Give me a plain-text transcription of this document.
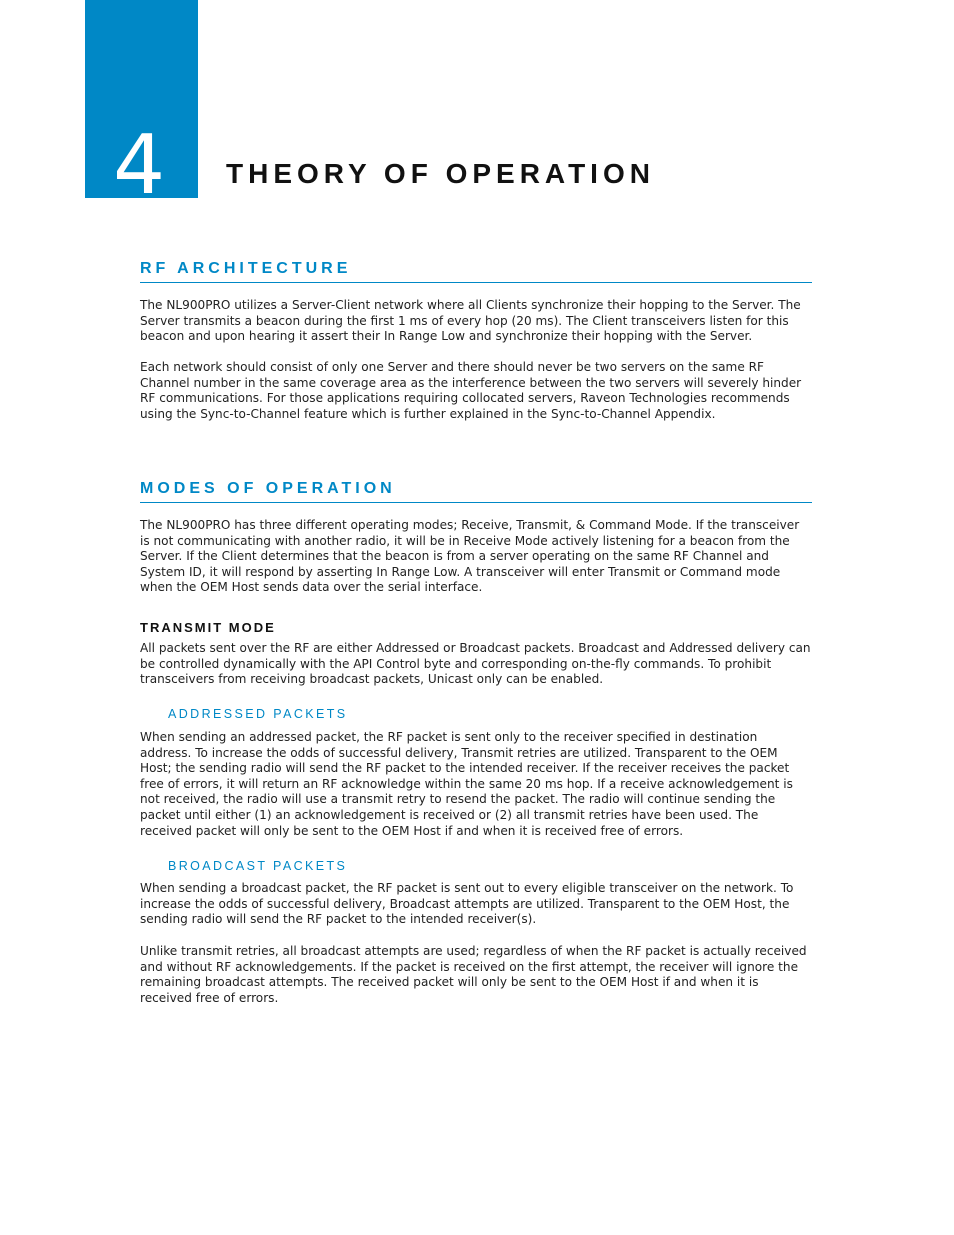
4	THEORY OF OPERATION
RF ARCHITECTURE

The NL900PRO utilizes a Server-Client network where all Clients synchronize their hopping to the Server. The Server transmits a beacon during the first 1 ms of every hop (20 ms). The Client transceivers listen for this beacon and upon hearing it assert their In Range Low and synchronize their hopping with the Server.

Each network should consist of only one Server and there should never be two servers on the same RF Channel number in the same coverage area as the interference between the two servers will severely hinder RF communications. For those applications requiring collocated servers, Raveon Technologies recommends using the Sync-to-Channel feature which is further explained in the Sync-to-Channel Appendix.

MODES OF OPERATION

The NL900PRO has three different operating modes; Receive, Transmit, & Command Mode. If the transceiver is not communicating with another radio, it will be in Receive Mode actively listening for a beacon from the Server. If the Client determines that the beacon is from a server operating on the same RF Channel and System ID, it will respond by asserting In Range Low. A transceiver will enter Transmit or Command mode when the OEM Host sends data over the serial interface.

TRANSMIT MODE

All packets sent over the RF are either Addressed or Broadcast packets. Broadcast and Addressed delivery can be controlled dynamically with the API Control byte and corresponding on-the-fly commands. To prohibit transceivers from receiving broadcast packets, Unicast only can be enabled.

ADDRESSED PACKETS

When sending an addressed packet, the RF packet is sent only to the receiver specified in destination address. To increase the odds of successful delivery, Transmit retries are utilized. Transparent to the OEM Host; the sending radio will send the RF packet to the intended receiver. If the receiver receives the packet free of errors, it will return an RF acknowledge within the same 20 ms hop. If a receive acknowledgement is not received, the radio will use a transmit retry to resend the packet. The radio will continue sending the packet until either (1) an acknowledgement is received or (2) all transmit retries have been used. The received packet will only be sent to the OEM Host if and when it is received free of errors.

BROADCAST PACKETS

When sending a broadcast packet, the RF packet is sent out to every eligible transceiver on the network. To increase the odds of successful delivery, Broadcast attempts are utilized. Transparent to the OEM Host, the sending radio will send the RF packet to the intended receiver(s).

Unlike transmit retries, all broadcast attempts are used; regardless of when the RF packet is actually received and without RF acknowledgements. If the packet is received on the first attempt, the receiver will ignore the remaining broadcast attempts. The received packet will only be sent to the OEM Host if and when it is received free of errors.
